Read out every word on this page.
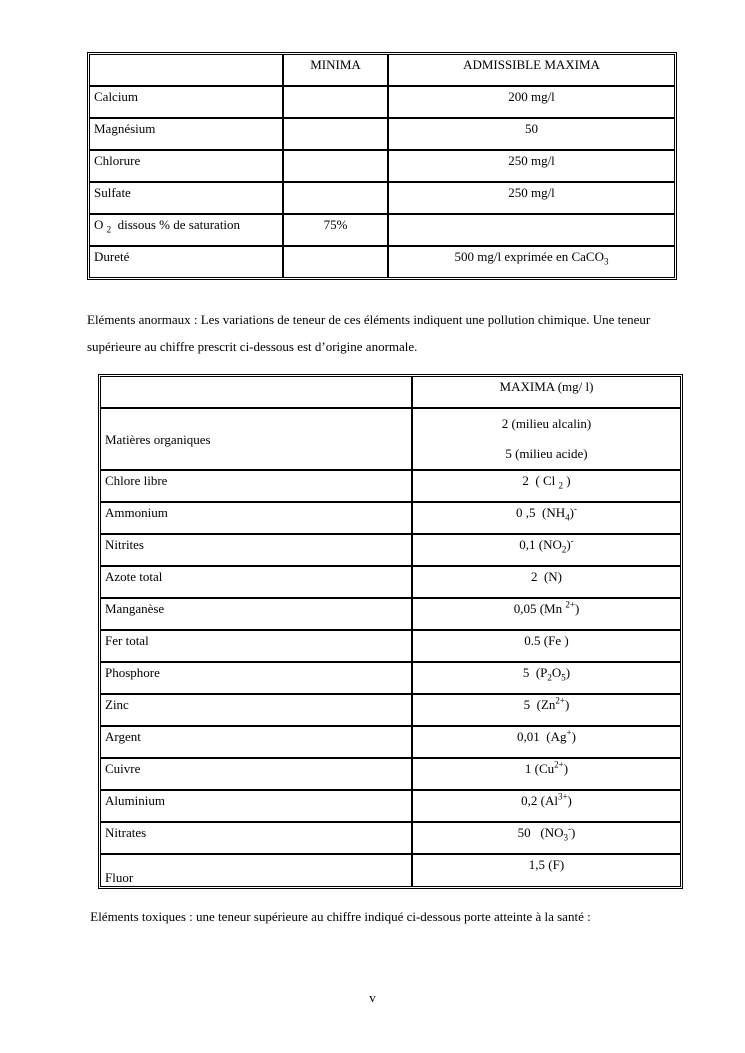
	MINIMA	ADMISSIBLE MAXIMA
Calcium		200 mg/l
Magnésium		50
Chlorure		250 mg/l
Sulfate		250 mg/l
O $_2$  dissous % de saturation	75%	
Dureté		500 mg/l exprimée en CaCO$_3$
Eléments anormaux : Les variations de teneur de ces éléments indiquent une pollution chimique. Une teneur supérieure au chiffre prescrit ci-dessous est d’origine anormale.
	MAXIMA (mg/ l)
Matières organiques	2 (milieu alcalin)
5 (milieu acide)

Chlore libre	2  ( Cl $_2$ )
Ammonium	0 ,5  $(NH_4)^-$
Nitrites	0,1 $(NO_2)^-$
Azote total	2  (N)
Manganèse	0,05 (Mn $^{2+}$)
Fer total	0.5 (Fe )
Phosphore	5  $(P_2O_5)$
Zinc	5  $(Zn^{2+})$
Argent	0,01  (Ag+)
Cuivre	1 $(Cu^{2+})$
Aluminium	0,2 $(Al^{3+})$
Nitrates	50   $(NO_3^-)$
Fluor	1,5 (F)
Eléments toxiques : une teneur supérieure au chiffre indiqué ci-dessous porte atteinte à la santé :
v
